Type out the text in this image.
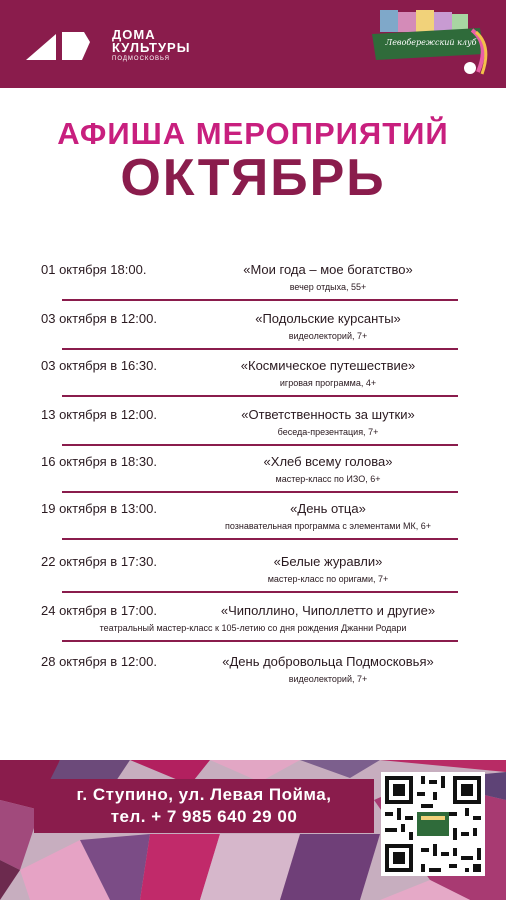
ДОМА
КУЛЬТУРЫ
ПОДМОСКОВЬЯ
Левобережский клуб
АФИША МЕРОПРИЯТИЙ
ОКТЯБРЬ
01 октября 18:00.	«Мои года – мое богатство»
вечер отдыха, 55+
03 октября в 12:00.	«Подольские курсанты»
видеолекторий, 7+
03 октября в 16:30.	«Космическое путешествие»
игровая программа, 4+
13 октября в 12:00.	«Ответственность за шутки»
беседа-презентация, 7+
16 октября в 18:30.	«Хлеб всему голова»
мастер-класс по ИЗО, 6+
19 октября в 13:00.	«День отца»
познавательная программа с элементами МК, 6+
22 октября в 17:30.	«Белые журавли»
мастер-класс по оригами, 7+
24 октября в 17:00.	«Чиполлино, Чиполлетто и другие»
театральный мастер-класс к 105-летию со дня рождения Джанни Родари
28 октября в 12:00.	«День добровольца Подмосковья»
видеолекторий, 7+
г. Ступино, ул. Левая Пойма,
тел. + 7 985 640 29 00
